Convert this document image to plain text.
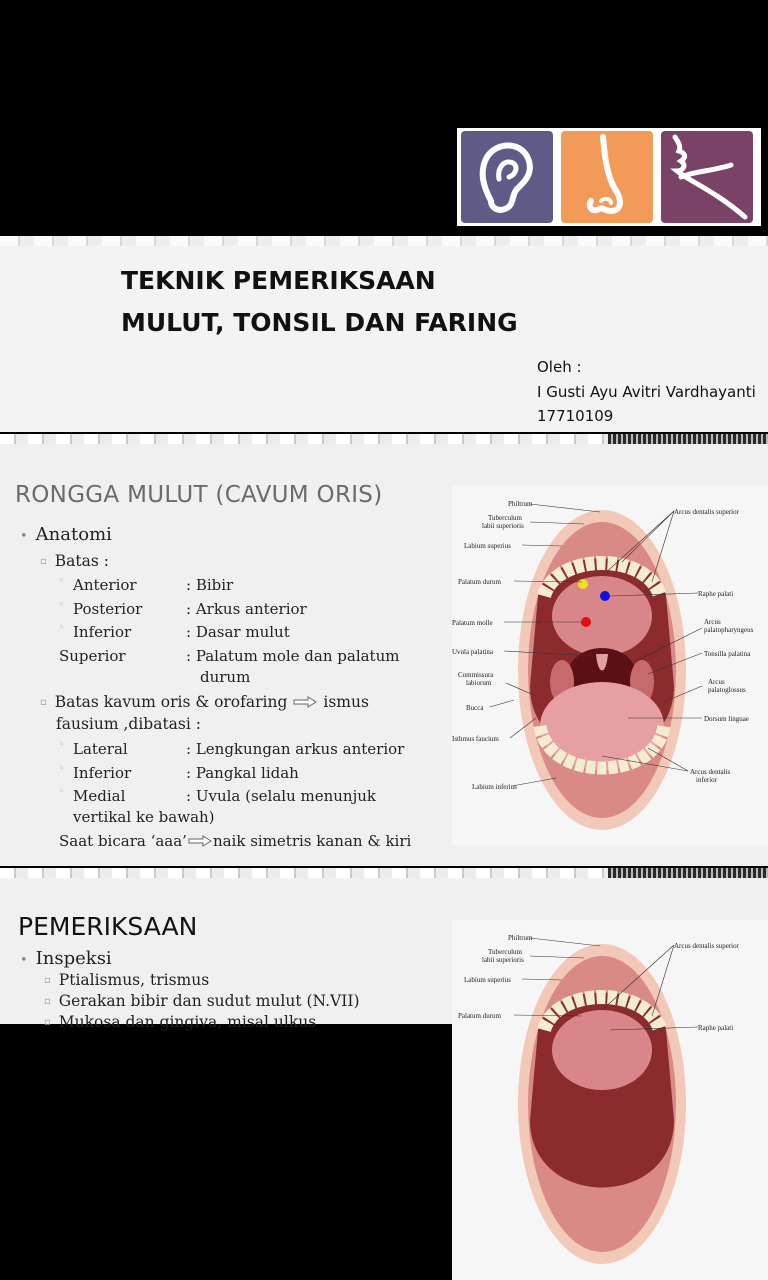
TEKNIK PEMERIKSAAN
MULUT, TONSIL DAN FARING
Oleh :
I Gusti Ayu Avitri Vardhayanti
17710109
RONGGA MULUT (CAVUM ORIS)
• Anatomi
▫ Batas :
◦ Anterior	: Bibir
◦ Posterior	: Arkus anterior
◦ Inferior	: Dasar mulut
Superior	: Palatum mole dan palatum
durum
▫ Batas kavum oris & orofaring ismus
fausium ,dibatasi :
◦ Lateral	: Lengkungan arkus anterior
◦ Inferior	: Pangkal lidah
◦ Medial	: Uvula (selalu menunjuk
vertikal ke bawah)
Saat bicara ‘aaa’ naik simetris kanan & kiri
Philtrum
Tuberculum
labii superioris
Labium superius
Palatum durum
Palatum molle
Uvula palatina
Commissura
labiorum
Bucca
Isthmus faucium
Labium inferius
Arcus dentalis superior
Raphe palati
Arcus
palatopharyngeus
Tonsilla palatina
Arcus
palatoglossus
Dorsum linguae
Arcus dentalis
inferior
PEMERIKSAAN
• Inspeksi
▫ Ptialismus, trismus
▫ Gerakan bibir dan sudut mulut (N.VII)
▫ Mukosa dan gingiva, misal ulkus
Philtrum
Tuberculum
labii superioris
Labium superius
Palatum durum
Arcus dentalis superior
Raphe palati
